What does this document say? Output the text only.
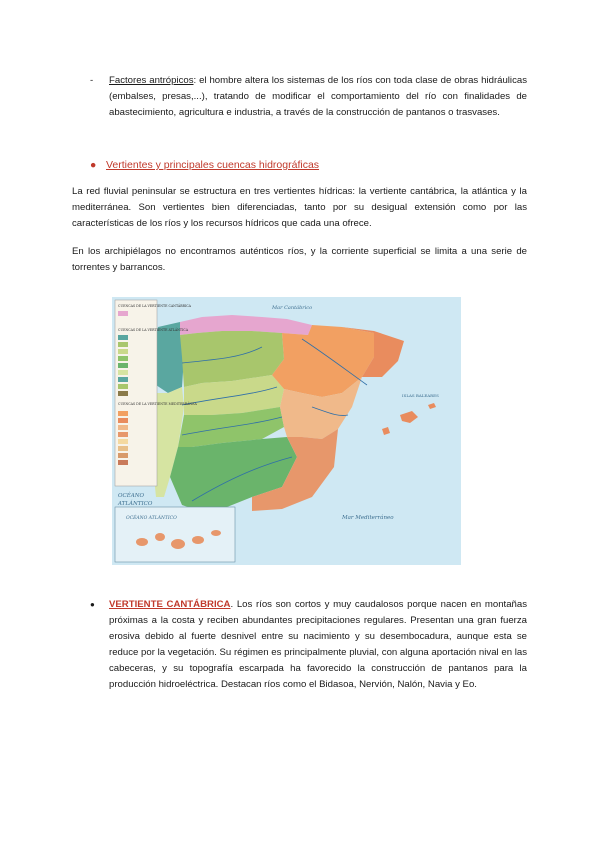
- Factores antrópicos: el hombre altera los sistemas de los ríos con toda clase de obras hidráulicas (embalses, presas,...), tratando de modificar el comportamiento del río con finalidades de abastecimiento, agricultura e industria, a través de la construcción de pantanos o trasvases.
● Vertientes y principales cuencas hidrográficas

La red fluvial peninsular se estructura en tres vertientes hídricas: la vertiente cantábrica, la atlántica y la mediterránea. Son vertientes bien diferenciadas, tanto por su desigual extensión como por las características de los ríos y los recursos hídricos que cada una ofrece.

En los archipiélagos no encontramos auténticos ríos, y la corriente superficial se limita a una serie de torrentes y barrancos.

CUENCAS DE LA VERTIENTE CANTÁBRICA
CUENCAS DE LA VERTIENTE ATLÁNTICA
CUENCAS DE LA VERTIENTE MEDITERRÁNEA
Mar Cantábrico
Mar Mediterráneo
OCÉANO
ATLÁNTICO
ISLAS BALEARES
OCÉANO ATLÁNTICO
● VERTIENTE CANTÁBRICA. Los ríos son cortos y muy caudalosos porque nacen en montañas próximas a la costa y reciben abundantes precipitaciones regulares. Presentan una gran fuerza erosiva debido al fuerte desnivel entre su nacimiento y su desembocadura, aunque esta se reduce por la vegetación. Su régimen es principalmente pluvial, con alguna aportación nival en las cabeceras, y su topografía escarpada ha favorecido la construcción de pantanos para la producción hidroeléctrica. Destacan ríos como el Bidasoa, Nervión, Nalón, Navia y Eo.
